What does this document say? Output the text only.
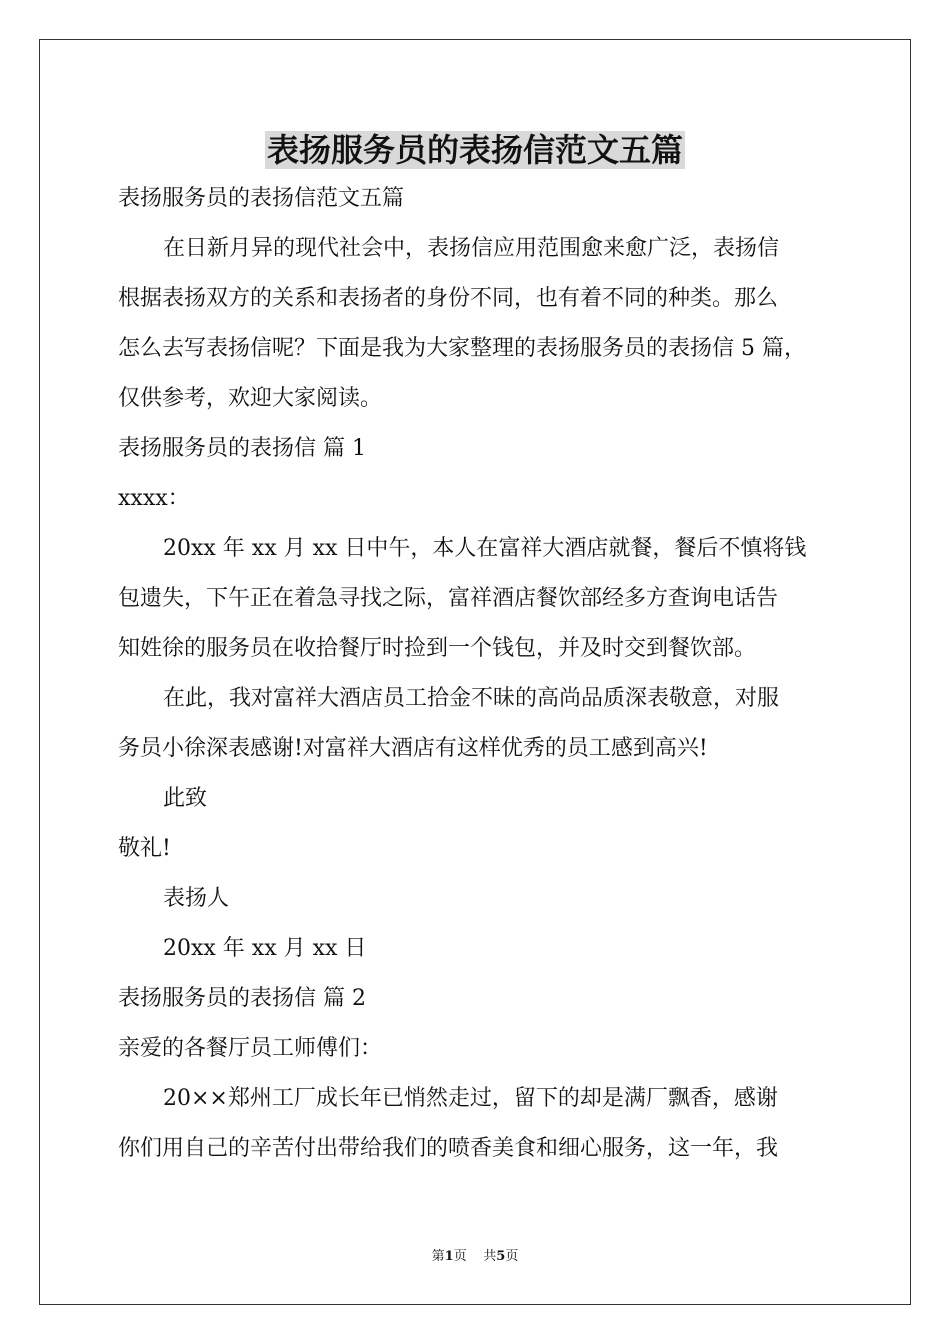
表扬服务员的表扬信范文五篇
表扬服务员的表扬信范文五篇
在日新月异的现代社会中，表扬信应用范围愈来愈广泛，表扬信
根据表扬双方的关系和表扬者的身份不同，也有着不同的种类。那么
怎么去写表扬信呢？下面是我为大家整理的表扬服务员的表扬信 5 篇，
仅供参考，欢迎大家阅读。
表扬服务员的表扬信 篇 1
xxxx：
20xx 年 xx 月 xx 日中午，本人在富祥大酒店就餐，餐后不慎将钱
包遗失，下午正在着急寻找之际，富祥酒店餐饮部经多方查询电话告
知姓徐的服务员在收拾餐厅时捡到一个钱包，并及时交到餐饮部。
在此，我对富祥大酒店员工拾金不昧的高尚品质深表敬意，对服
务员小徐深表感谢!对富祥大酒店有这样优秀的员工感到高兴!
此致
敬礼!
表扬人
20xx 年 xx 月 xx 日
表扬服务员的表扬信 篇 2
亲爱的各餐厅员工师傅们：
20××郑州工厂成长年已悄然走过，留下的却是满厂飘香，感谢
你们用自己的辛苦付出带给我们的喷香美食和细心服务，这一年，我
第1页 共5页
